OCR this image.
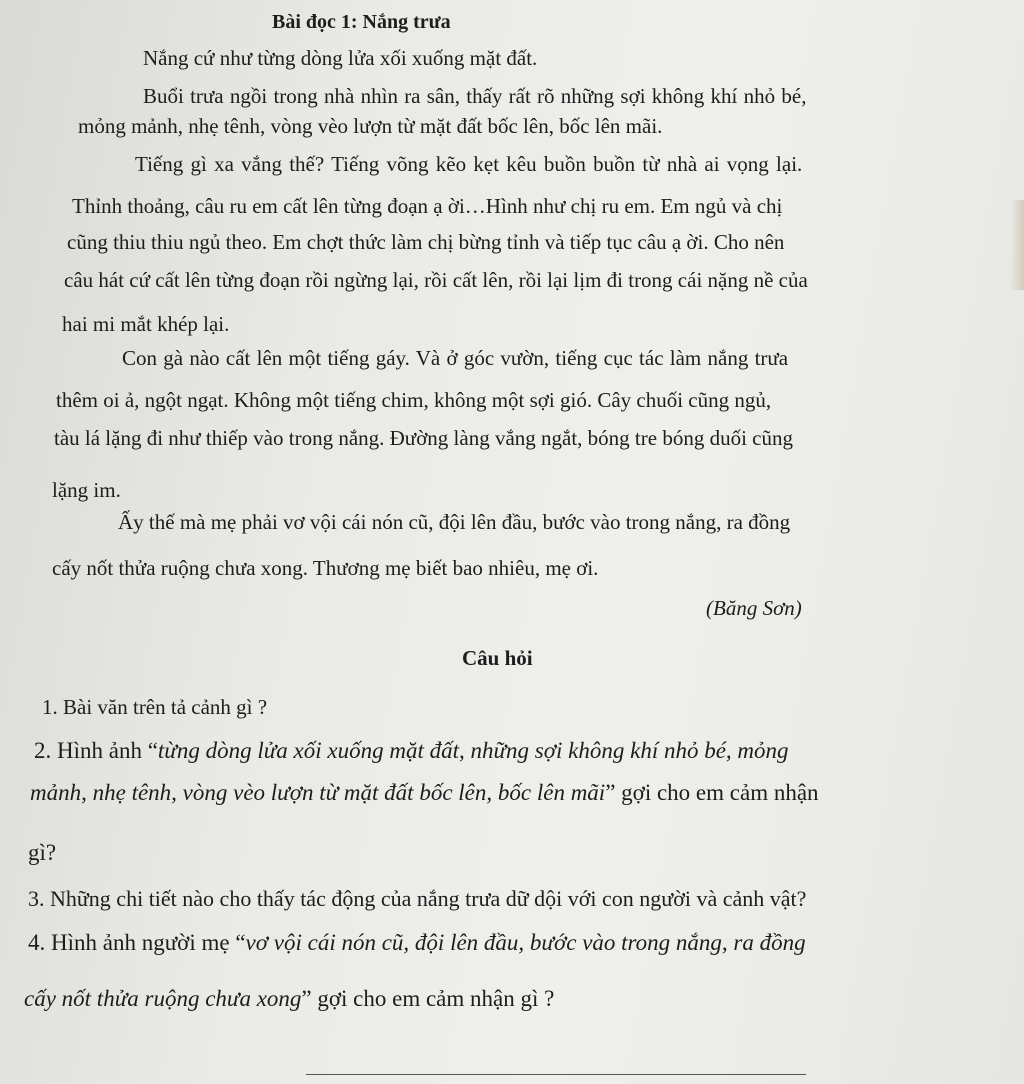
Bài đọc 1: Nắng trưa
Nắng cứ như từng dòng lửa xối xuống mặt đất.
Buổi trưa ngồi trong nhà nhìn ra sân, thấy rất rõ những sợi không khí nhỏ bé,
mỏng mảnh, nhẹ tênh, vòng vèo lượn từ mặt đất bốc lên, bốc lên mãi.
Tiếng gì xa vắng thế? Tiếng võng kẽo kẹt kêu buồn buồn từ nhà ai vọng lại.
Thỉnh thoảng, câu ru em cất lên từng đoạn ạ ời…Hình như chị ru em. Em ngủ và chị
cũng thiu thiu ngủ theo. Em chợt thức làm chị bừng tỉnh và tiếp tục câu ạ ời. Cho nên
câu hát cứ cất lên từng đoạn rồi ngừng lại, rồi cất lên, rồi lại lịm đi trong cái nặng nề của
hai mi mắt khép lại.
Con gà nào cất lên một tiếng gáy. Và ở góc vườn, tiếng cục tác làm nắng trưa
thêm oi ả, ngột ngạt. Không một tiếng chim, không một sợi gió. Cây chuối cũng ngủ,
tàu lá lặng đi như thiếp vào trong nắng. Đường làng vắng ngắt, bóng tre bóng duối cũng
lặng im.
Ấy thế mà mẹ phải vơ vội cái nón cũ, đội lên đầu, bước vào trong nắng, ra đồng
cấy nốt thửa ruộng chưa xong. Thương mẹ biết bao nhiêu, mẹ ơi.
(Băng Sơn)
Câu hỏi
1. Bài văn trên tả cảnh gì ?
2. Hình ảnh “từng dòng lửa xối xuống mặt đất, những sợi không khí nhỏ bé, mỏng
mảnh, nhẹ tênh, vòng vèo lượn từ mặt đất bốc lên, bốc lên mãi” gợi cho em cảm nhận
gì?
3. Những chi tiết nào cho thấy tác động của nắng trưa dữ dội với con người và cảnh vật?
4. Hình ảnh người mẹ “vơ vội cái nón cũ, đội lên đầu, bước vào trong nắng, ra đồng
cấy nốt thửa ruộng chưa xong” gợi cho em cảm nhận gì ?
